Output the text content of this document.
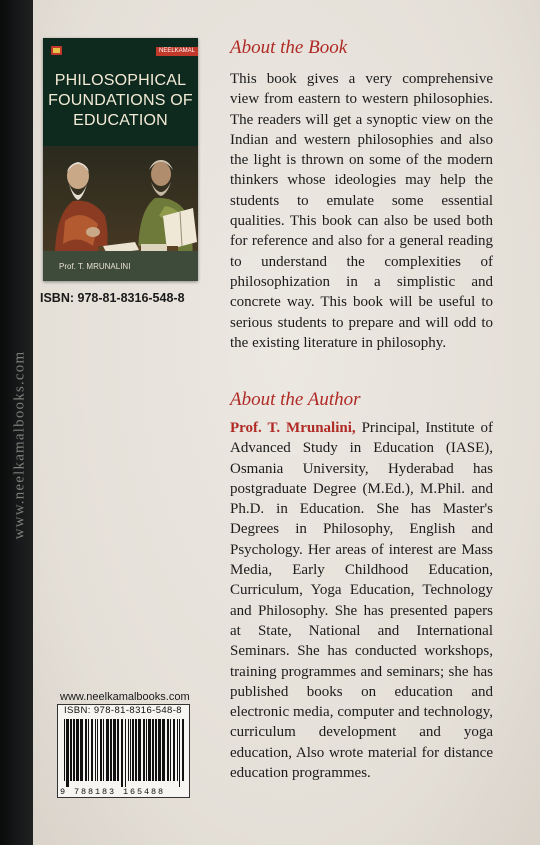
www.neelkamalbooks.com
NEELKAMAL
PHILOSOPHICAL
FOUNDATIONS OF
EDUCATION
Prof. T. MRUNALINI
ISBN: 978-81-8316-548-8
www.neelkamalbooks.com
ISBN: 978-81-8316-548-8
9 788183 165488
About the Book
This book gives a very comprehensive view from eastern to western philosophies. The readers will get a synoptic view on the Indian and western philosophies and also the light is thrown on some of the modern thinkers whose ideologies may help the students to emulate some essential qualities. This book can also be used both for reference and also for a general reading to understand the complexities of philosophization in a simplistic and concrete way. This book will be useful to serious students to prepare and will odd to the existing literature in philosophy.
About the Author
Prof. T. Mrunalini, Principal, Institute of Advanced Study in Education (IASE), Osmania University, Hyderabad has postgraduate Degree (M.Ed.), M.Phil. and Ph.D. in Education. She has Master's Degrees in Philosophy, English and Psychology. Her areas of interest are Mass Media, Early Childhood Education, Curriculum, Yoga Education, Technology and Philosophy. She has presented papers at State, National and International Seminars. She has conducted workshops, training programmes and seminars; she has published books on education and electronic media, computer and technology, curriculum development and yoga education, Also wrote material for distance education programmes.
